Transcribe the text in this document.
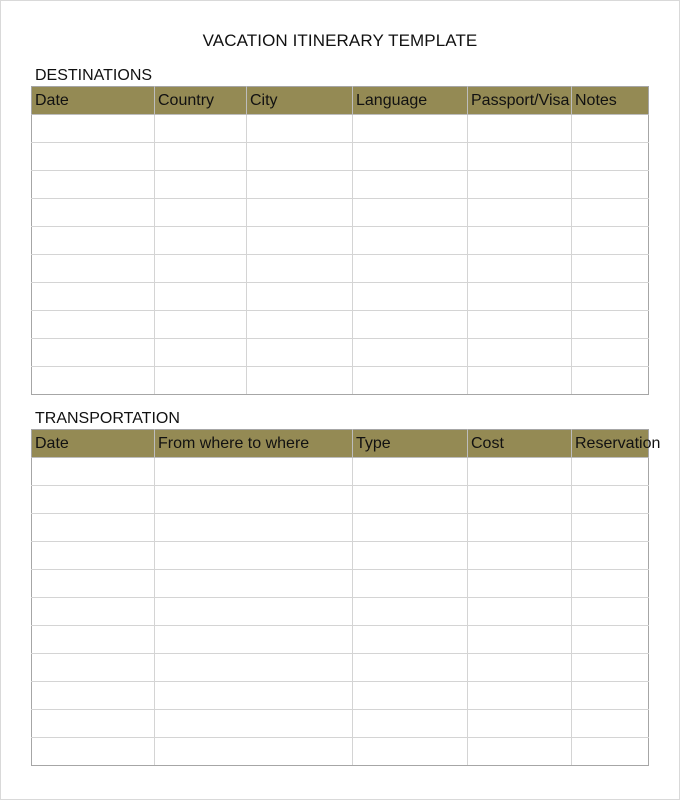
VACATION ITINERARY TEMPLATE
DESTINATIONS
Date	Country	City	Language	Passport/Visa	Notes

TRANSPORTATION
Date	From where to where	Type	Cost	Reservation
